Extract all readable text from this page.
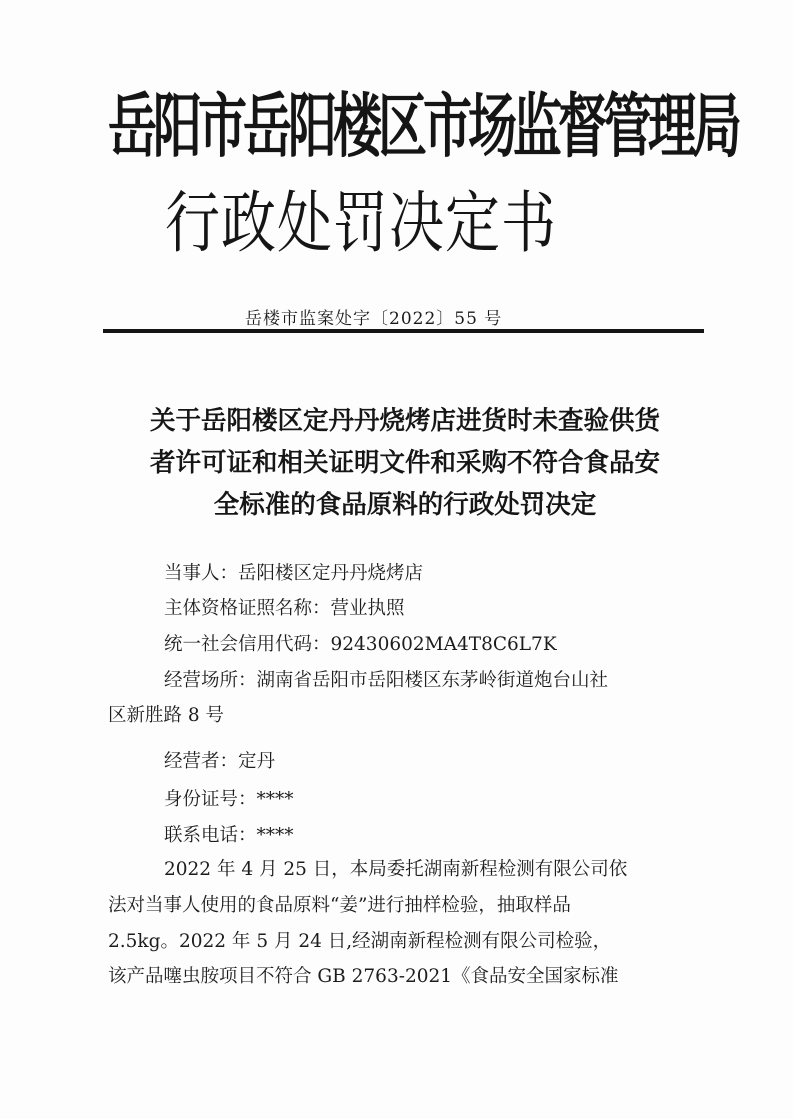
岳阳市岳阳楼区市场监督管理局
行政处罚决定书
岳楼市监案处字〔2022〕55 号
关于岳阳楼区定丹丹烧烤店进货时未查验供货
者许可证和相关证明文件和采购不符合食品安
全标准的食品原料的行政处罚决定
当事人：岳阳楼区定丹丹烧烤店
主体资格证照名称：营业执照
统一社会信用代码：92430602MA4T8C6L7K
经营场所：湖南省岳阳市岳阳楼区东茅岭街道炮台山社
区新胜路 8 号
经营者：定丹
身份证号：****
联系电话：****
2022 年 4 月 25 日，本局委托湖南新程检测有限公司依
法对当事人使用的食品原料“姜”进行抽样检验，抽取样品
2.5kg。2022 年 5 月 24 日,经湖南新程检测有限公司检验，
该产品噻虫胺项目不符合 GB 2763-2021《食品安全国家标准
